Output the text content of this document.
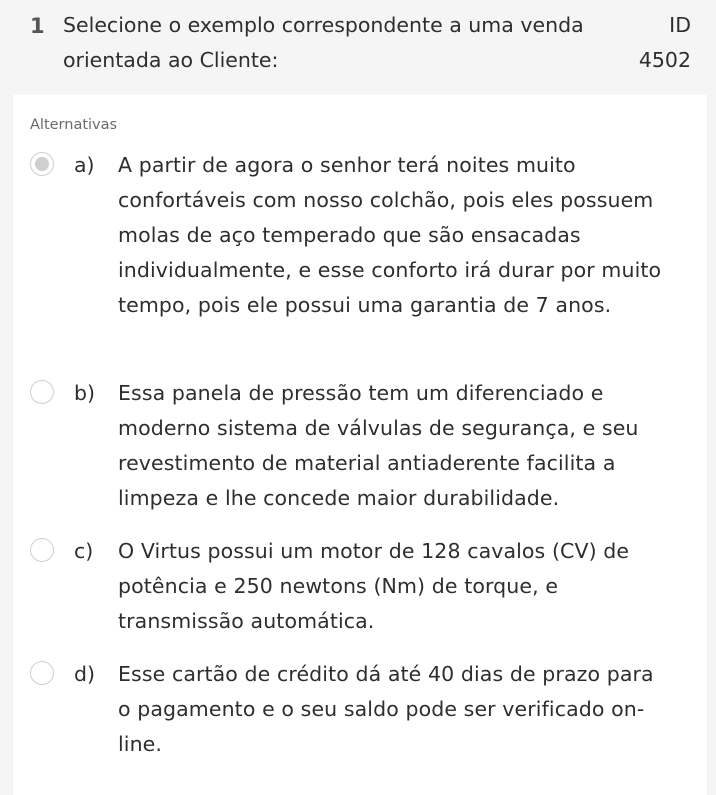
1 Selecione o exemplo correspondente a uma venda orientada ao Cliente:
ID
4502
Alternativas
a) A partir de agora o senhor terá noites muito confortáveis com nosso colchão, pois eles possuem molas de aço temperado que são ensacadas individualmente, e esse conforto irá durar por muito tempo, pois ele possui uma garantia de 7 anos.
b) Essa panela de pressão tem um diferenciado e moderno sistema de válvulas de segurança, e seu revestimento de material antiaderente facilita a limpeza e lhe concede maior durabilidade.
c) O Virtus possui um motor de 128 cavalos (CV) de potência e 250 newtons (Nm) de torque, e transmissão automática.
d) Esse cartão de crédito dá até 40 dias de prazo para o pagamento e o seu saldo pode ser verificado on-line.
